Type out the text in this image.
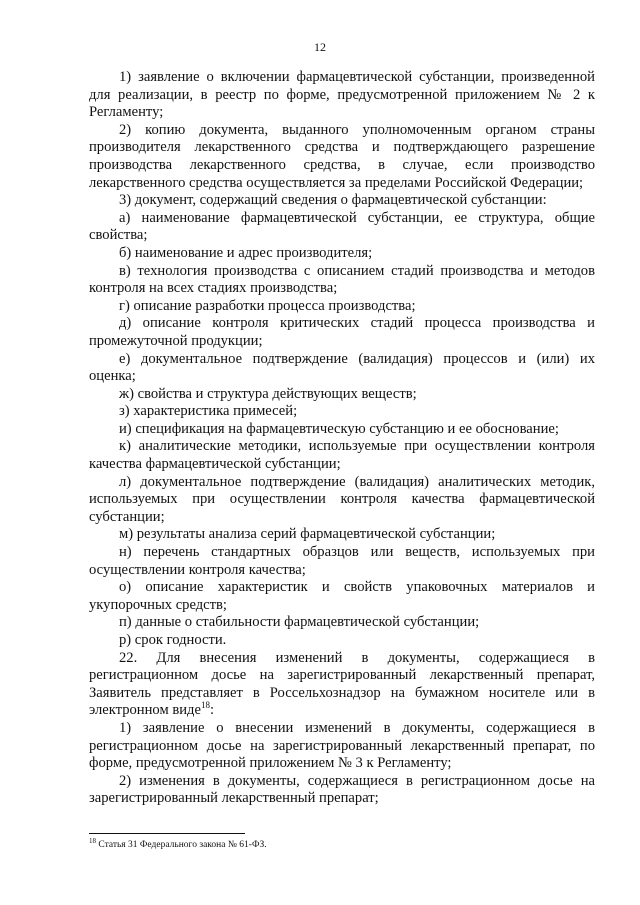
12

1) заявление о включении фармацевтической субстанции, произведенной для реализации, в реестр по форме, предусмотренной приложением № 2 к Регламенту;

2) копию документа, выданного уполномоченным органом страны производителя лекарственного средства и подтверждающего разрешение производства лекарственного средства, в случае, если производство лекарственного средства осуществляется за пределами Российской Федерации;

3) документ, содержащий сведения о фармацевтической субстанции:

а) наименование фармацевтической субстанции, ее структура, общие свойства;

б) наименование и адрес производителя;

в) технология производства с описанием стадий производства и методов контроля на всех стадиях производства;

г) описание разработки процесса производства;

д) описание контроля критических стадий процесса производства и промежуточной продукции;

е) документальное подтверждение (валидация) процессов и (или) их оценка;

ж) свойства и структура действующих веществ;

з) характеристика примесей;

и) спецификация на фармацевтическую субстанцию и ее обоснование;

к) аналитические методики, используемые при осуществлении контроля качества фармацевтической субстанции;

л) документальное подтверждение (валидация) аналитических методик, используемых при осуществлении контроля качества фармацевтической субстанции;

м) результаты анализа серий фармацевтической субстанции;

н) перечень стандартных образцов или веществ, используемых при осуществлении контроля качества;

о) описание характеристик и свойств упаковочных материалов и укупорочных средств;

п) данные о стабильности фармацевтической субстанции;

р) срок годности.

22. Для внесения изменений в документы, содержащиеся в регистрационном досье на зарегистрированный лекарственный препарат, Заявитель представляет в Россельхознадзор на бумажном носителе или в электронном виде$^{18}$:

1) заявление о внесении изменений в документы, содержащиеся в регистрационном досье на зарегистрированный лекарственный препарат, по форме, предусмотренной приложением № 3 к Регламенту;

2) изменения в документы, содержащиеся в регистрационном досье на зарегистрированный лекарственный препарат;

$^{18}$ Статья 31 Федерального закона № 61-ФЗ.
